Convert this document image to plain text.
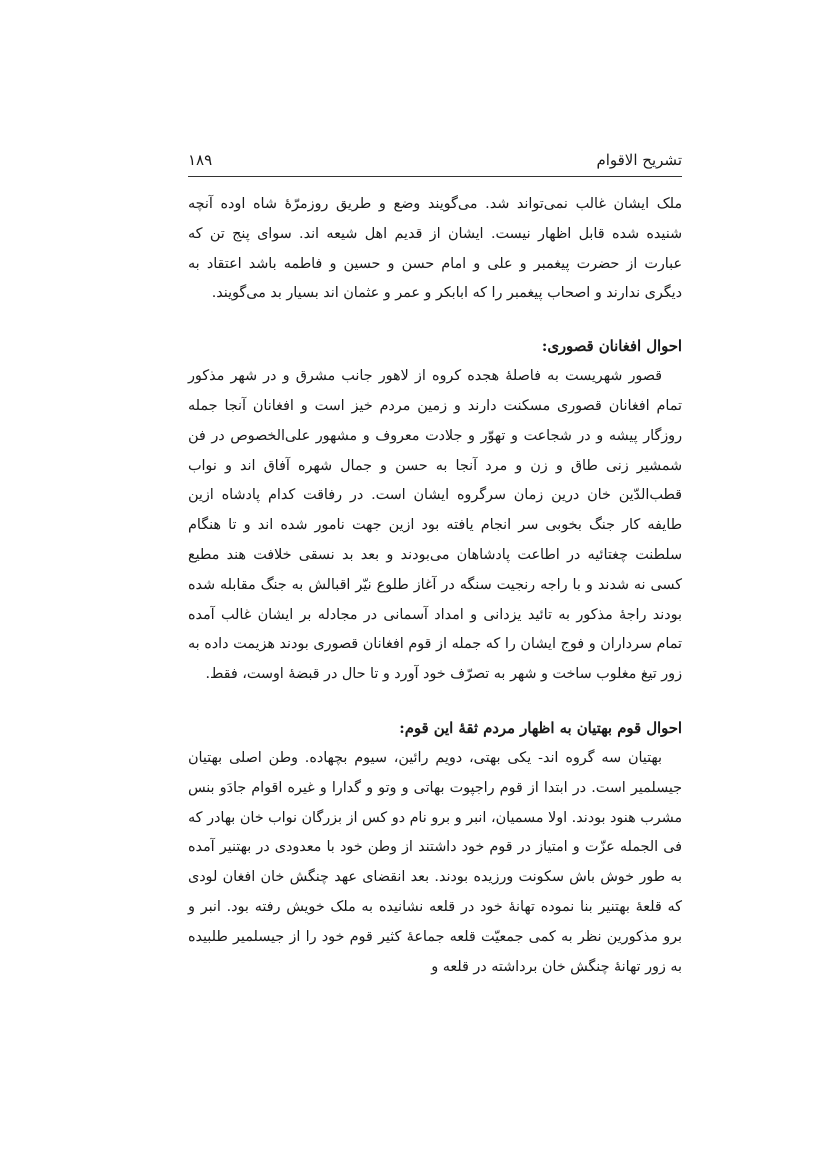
تشریح الاقوام
۱۸۹

ملک ایشان غالب نمی‌تواند شد. می‌گویند وضع و طریق روزمرّهٔ شاه اوده آنچه شنیده شده قابل اظهار نیست. ایشان از قدیم اهل شیعه اند. سوای پنج تن که عبارت از حضرت پیغمبر و علی و امام حسن و حسین و فاطمه باشد اعتقاد به دیگری ندارند و اصحاب پیغمبر را که ابابکر و عمر و عثمان اند بسیار بد می‌گویند.

احوال افغانان قصوری:

قصور شهریست به فاصلهٔ هجده کروه از لاهور جانب مشرق و در شهر مذکور تمام افغانان قصوری مسکنت دارند و زمین مردم خیز است و افغانان آنجا جمله روزگار پیشه و در شجاعت و تهوّر و جلادت معروف و مشهور علی‌الخصوص در فن شمشیر زنی طاق و زن و مرد آنجا به حسن و جمال شهره آفاق اند و نواب قطب‌الدّین خان درین زمان سرگروه ایشان است. در رفاقت کدام پادشاه ازین طایفه کار جنگ بخوبی سر انجام یافته بود ازین جهت نامور شده اند و تا هنگام سلطنت چغتائیه در اطاعت پادشاهان می‌بودند و بعد بد نسقی خلافت هند مطیع کسی نه شدند و با راجه رنجیت سنگه در آغاز طلوع نیّر اقبالش به جنگ مقابله شده بودند راجهٔ مذکور به تائید یزدانی و امداد آسمانی در مجادله بر ایشان غالب آمده تمام سرداران و فوج ایشان را که جمله از قوم افغانان قصوری بودند هزیمت داده به زور تیغ مغلوب ساخت و شهر به تصرّف خود آورد و تا حال در قبضهٔ اوست، فقط.

احوال قوم بهتیان به اظهار مردم ثقهٔ این قوم:

بهتیان سه گروه اند- یکی بهتی، دویم رائین، سیوم بچهاده. وطن اصلی بهتیان جیسلمیر است. در ابتدا از قوم راجپوت بهاتی و وتو و گدارا و غیره اقوام جادَو بنس مشرب هنود بودند. اولا مسمیان، انبر و برو نام دو کس از بزرگان نواب خان بهادر که فی الجمله عزّت و امتیاز در قوم خود داشتند از وطن خود با معدودی در بهتنیر آمده به طور خوش باش سکونت ورزیده بودند. بعد انقضای عهد چنگش خان افغان لودی که قلعهٔ بهتنیر بنا نموده تهانهٔ خود در قلعه نشانیده به ملک خویش رفته بود. انبر و برو مذکورین نظر به کمی جمعیّت قلعه جماعهٔ کثیر قوم خود را از جیسلمیر طلبیده به زور تهانهٔ چنگش خان برداشته در قلعه و
